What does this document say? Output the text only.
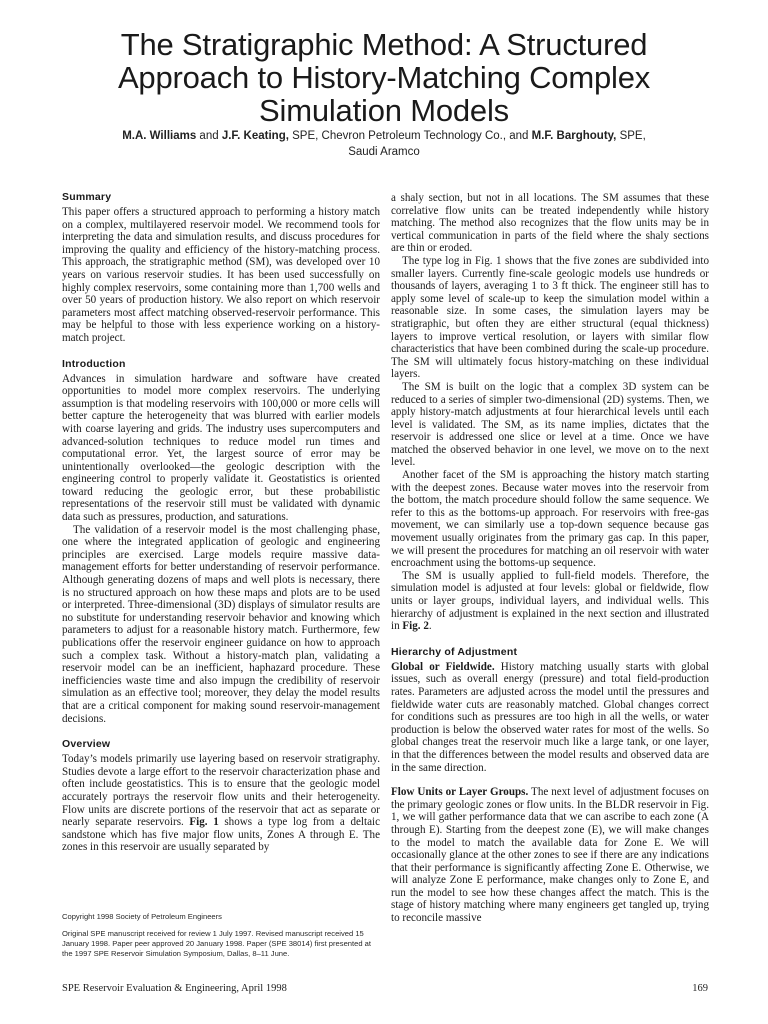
The Stratigraphic Method: A Structured
Approach to History-Matching Complex
Simulation Models
M.A. Williams and J.F. Keating, SPE, Chevron Petroleum Technology Co., and M.F. Barghouty, SPE,
Saudi Aramco
Summary

This paper offers a structured approach to performing a history match on a complex, multilayered reservoir model. We recommend tools for interpreting the data and simulation results, and discuss procedures for improving the quality and efficiency of the history-matching process. This approach, the stratigraphic method (SM), was developed over 10 years on various reservoir studies. It has been used successfully on highly complex reservoirs, some containing more than 1,700 wells and over 50 years of production history. We also report on which reservoir parameters most affect matching observed-reservoir performance. This may be helpful to those with less experience working on a history-match project.

Introduction

Advances in simulation hardware and software have created opportunities to model more complex reservoirs. The underlying assumption is that modeling reservoirs with 100,000 or more cells will better capture the heterogeneity that was blurred with earlier models with coarse layering and grids. The industry uses supercomputers and advanced-solution techniques to reduce model run times and computational error. Yet, the largest source of error may be unintentionally overlooked—the geologic description with the engineering control to properly validate it. Geostatistics is oriented toward reducing the geologic error, but these probabilistic representations of the reservoir still must be validated with dynamic data such as pressures, production, and saturations.

The validation of a reservoir model is the most challenging phase, one where the integrated application of geologic and engineering principles are exercised. Large models require massive data-management efforts for better understanding of reservoir performance. Although generating dozens of maps and well plots is necessary, there is no structured approach on how these maps and plots are to be used or interpreted. Three-dimensional (3D) displays of simulator results are no substitute for understanding reservoir behavior and knowing which parameters to adjust for a reasonable history match. Furthermore, few publications offer the reservoir engineer guidance on how to approach such a complex task. Without a history-match plan, validating a reservoir model can be an inefficient, haphazard procedure. These inefficiencies waste time and also impugn the credibility of reservoir simulation as an effective tool; moreover, they delay the model results that are a critical component for making sound reservoir-management decisions.

Overview

Today’s models primarily use layering based on reservoir stratigraphy. Studies devote a large effort to the reservoir characterization phase and often include geostatistics. This is to ensure that the geologic model accurately portrays the reservoir flow units and their heterogeneity. Flow units are discrete portions of the reservoir that act as separate or nearly separate reservoirs. Fig. 1 shows a type log from a deltaic sandstone which has five major flow units, Zones A through E. The zones in this reservoir are usually separated by

Copyright 1998 Society of Petroleum Engineers

Original SPE manuscript received for review 1 July 1997. Revised manuscript received 15 January 1998. Paper peer approved 20 January 1998. Paper (SPE 38014) first presented at the 1997 SPE Reservoir Simulation Symposium, Dallas, 8–11 June.

a shaly section, but not in all locations. The SM assumes that these correlative flow units can be treated independently while history matching. The method also recognizes that the flow units may be in vertical communication in parts of the field where the shaly sections are thin or eroded.

The type log in Fig. 1 shows that the five zones are subdivided into smaller layers. Currently fine-scale geologic models use hundreds or thousands of layers, averaging 1 to 3 ft thick. The engineer still has to apply some level of scale-up to keep the simulation model within a reasonable size. In some cases, the simulation layers may be stratigraphic, but often they are either structural (equal thickness) layers to improve vertical resolution, or layers with similar flow characteristics that have been combined during the scale-up procedure. The SM will ultimately focus history-matching on these individual layers.

The SM is built on the logic that a complex 3D system can be reduced to a series of simpler two-dimensional (2D) systems. Then, we apply history-match adjustments at four hierarchical levels until each level is validated. The SM, as its name implies, dictates that the reservoir is addressed one slice or level at a time. Once we have matched the observed behavior in one level, we move on to the next level.

Another facet of the SM is approaching the history match starting with the deepest zones. Because water moves into the reservoir from the bottom, the match procedure should follow the same sequence. We refer to this as the bottoms-up approach. For reservoirs with free-gas movement, we can similarly use a top-down sequence because gas movement usually originates from the primary gas cap. In this paper, we will present the procedures for matching an oil reservoir with water encroachment using the bottoms-up sequence.

The SM is usually applied to full-field models. Therefore, the simulation model is adjusted at four levels: global or fieldwide, flow units or layer groups, individual layers, and individual wells. This hierarchy of adjustment is explained in the next section and illustrated in Fig. 2.

Hierarchy of Adjustment

Global or Fieldwide. History matching usually starts with global issues, such as overall energy (pressure) and total field-production rates. Parameters are adjusted across the model until the pressures and fieldwide water cuts are reasonably matched. Global changes correct for conditions such as pressures are too high in all the wells, or water production is below the observed water rates for most of the wells. So global changes treat the reservoir much like a large tank, or one layer, in that the differences between the model results and observed data are in the same direction.

Flow Units or Layer Groups. The next level of adjustment focuses on the primary geologic zones or flow units. In the BLDR reservoir in Fig. 1, we will gather performance data that we can ascribe to each zone (A through E). Starting from the deepest zone (E), we will make changes to the model to match the available data for Zone E. We will occasionally glance at the other zones to see if there are any indications that their performance is significantly affecting Zone E. Otherwise, we will analyze Zone E performance, make changes only to Zone E, and run the model to see how these changes affect the match. This is the stage of history matching where many engineers get tangled up, trying to reconcile massive

SPE Reservoir Evaluation & Engineering, April 1998	169
